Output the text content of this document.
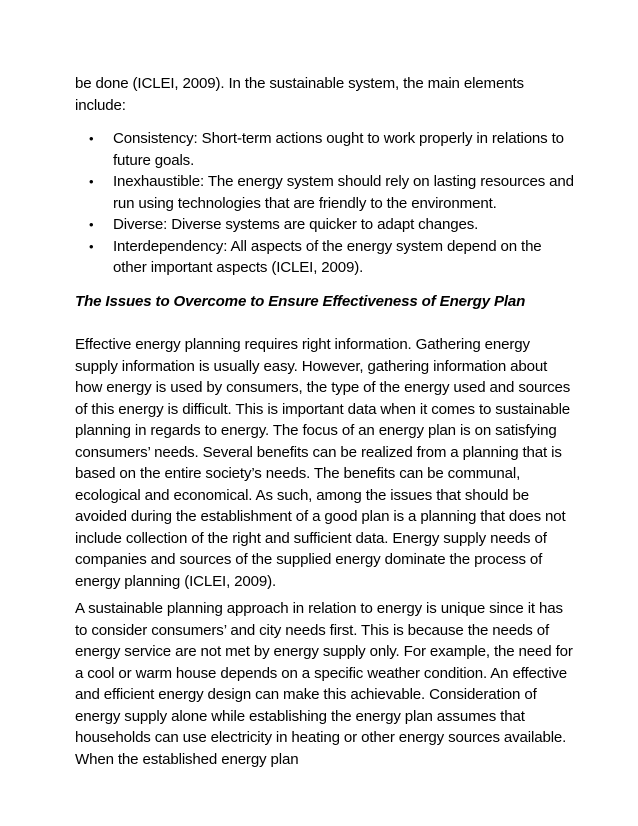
be done (ICLEI, 2009). In the sustainable system, the main elements include:

• Consistency: Short-term actions ought to work properly in relations to future goals.
• Inexhaustible: The energy system should rely on lasting resources and run using technologies that are friendly to the environment.
• Diverse: Diverse systems are quicker to adapt changes.
• Interdependency: All aspects of the energy system depend on the other important aspects (ICLEI, 2009).

The Issues to Overcome to Ensure Effectiveness of Energy Plan

Effective energy planning requires right information. Gathering energy supply information is usually easy. However, gathering information about how energy is used by consumers, the type of the energy used and sources of this energy is difficult. This is important data when it comes to sustainable planning in regards to energy. The focus of an energy plan is on satisfying consumers’ needs. Several benefits can be realized from a planning that is based on the entire society’s needs. The benefits can be communal, ecological and economical. As such, among the issues that should be avoided during the establishment of a good plan is a planning that does not include collection of the right and sufficient data. Energy supply needs of companies and sources of the supplied energy dominate the process of energy planning (ICLEI, 2009).

A sustainable planning approach in relation to energy is unique since it has to consider consumers’ and city needs first. This is because the needs of energy service are not met by energy supply only. For example, the need for a cool or warm house depends on a specific weather condition. An effective and efficient energy design can make this achievable. Consideration of energy supply alone while establishing the energy plan assumes that households can use electricity in heating or other energy sources available. When the established energy plan
